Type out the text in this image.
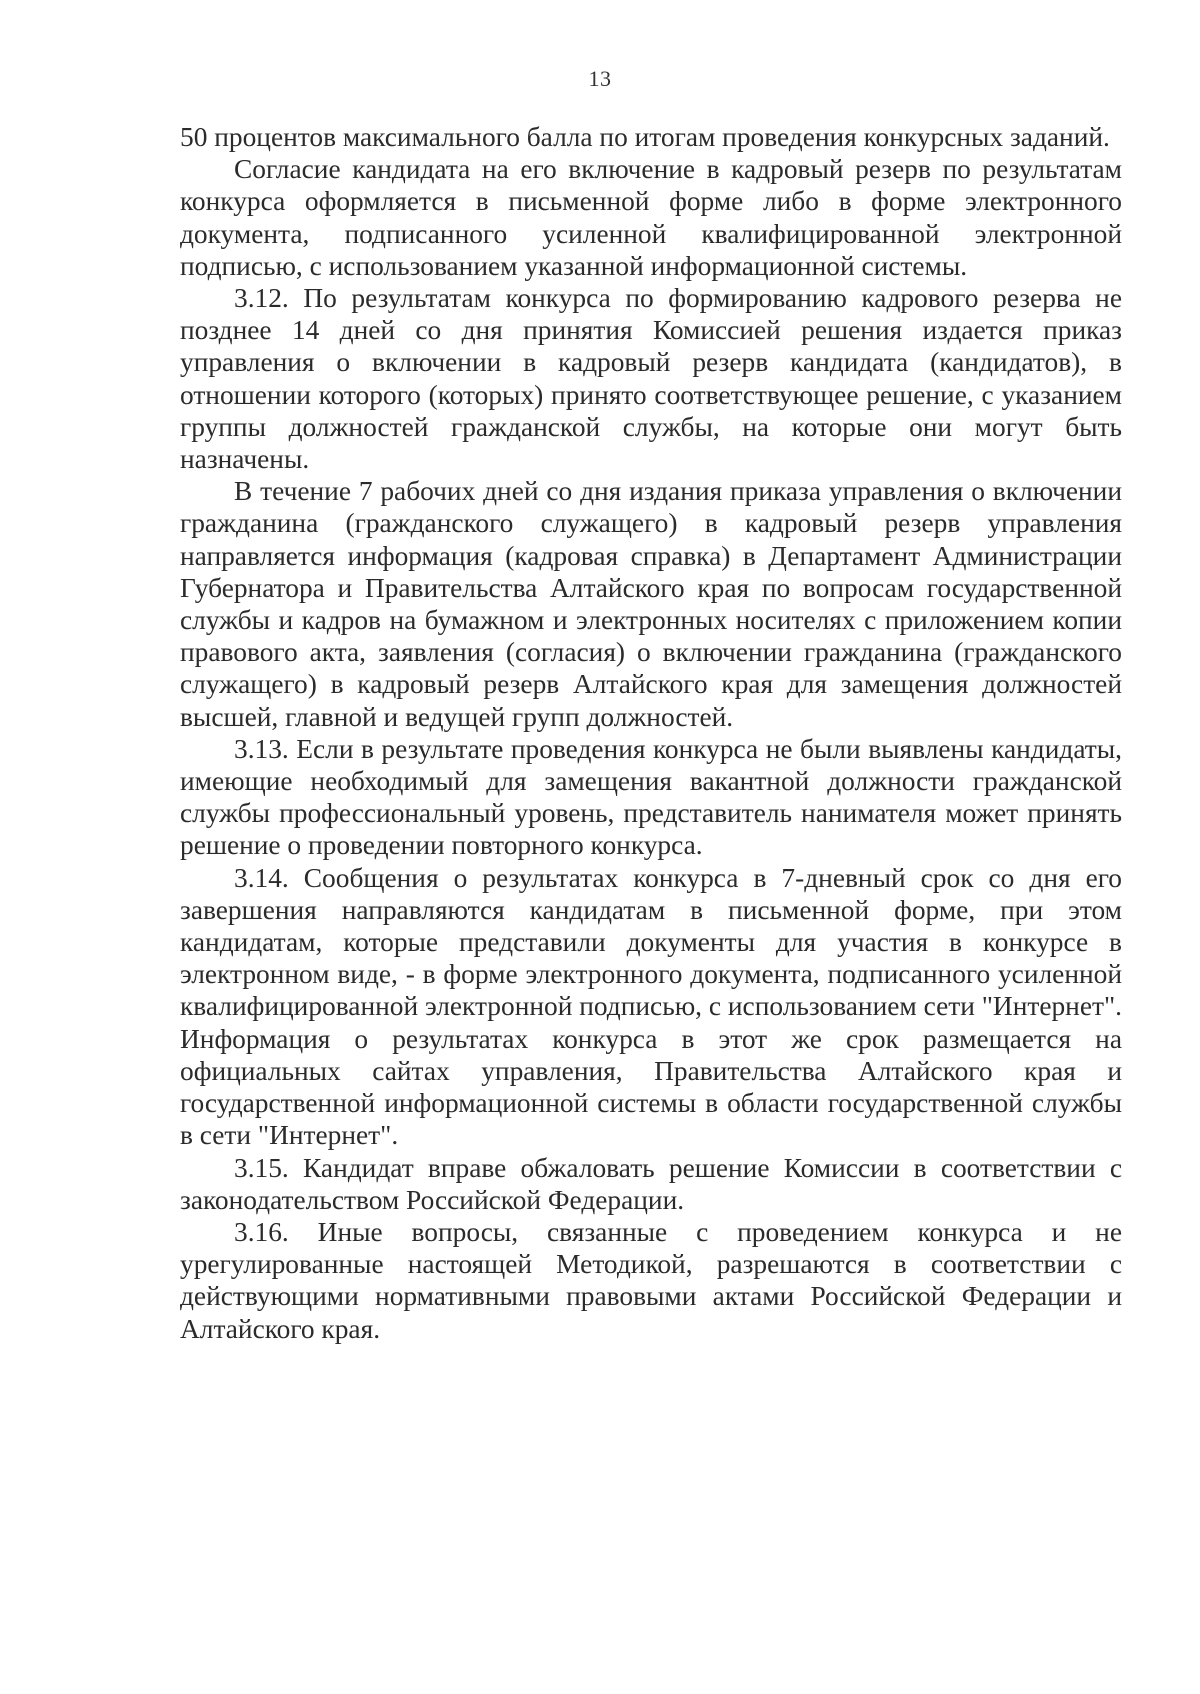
13

50 процентов максимального балла по итогам проведения конкурсных заданий.

Согласие кандидата на его включение в кадровый резерв по результатам конкурса оформляется в письменной форме либо в форме электронного документа, подписанного усиленной квалифицированной электронной подписью, с использованием указанной информационной системы.

3.12. По результатам конкурса по формированию кадрового резерва не позднее 14 дней со дня принятия Комиссией решения издается приказ управления о включении в кадровый резерв кандидата (кандидатов), в отношении которого (которых) принято соответствующее решение, с указанием группы должностей гражданской службы, на которые они могут быть назначены.

В течение 7 рабочих дней со дня издания приказа управления о включении гражданина (гражданского служащего) в кадровый резерв управления направляется информация (кадровая справка) в Департамент Администрации Губернатора и Правительства Алтайского края по вопросам государственной службы и кадров на бумажном и электронных носителях с приложением копии правового акта, заявления (согласия) о включении гражданина (гражданского служащего) в кадровый резерв Алтайского края для замещения должностей высшей, главной и ведущей групп должностей.

3.13. Если в результате проведения конкурса не были выявлены кандидаты, имеющие необходимый для замещения вакантной должности гражданской службы профессиональный уровень, представитель нанимателя может принять решение о проведении повторного конкурса.

3.14. Сообщения о результатах конкурса в 7-дневный срок со дня его завершения направляются кандидатам в письменной форме, при этом кандидатам, которые представили документы для участия в конкурсе в электронном виде, - в форме электронного документа, подписанного усиленной квалифицированной электронной подписью, с использованием сети "Интернет". Информация о результатах конкурса в этот же срок размещается на официальных сайтах управления, Правительства Алтайского края и государственной информационной системы в области государственной службы в сети "Интернет".

3.15. Кандидат вправе обжаловать решение Комиссии в соответствии с законодательством Российской Федерации.

3.16. Иные вопросы, связанные с проведением конкурса и не урегулированные настоящей Методикой, разрешаются в соответствии с действующими нормативными правовыми актами Российской Федерации и Алтайского края.
